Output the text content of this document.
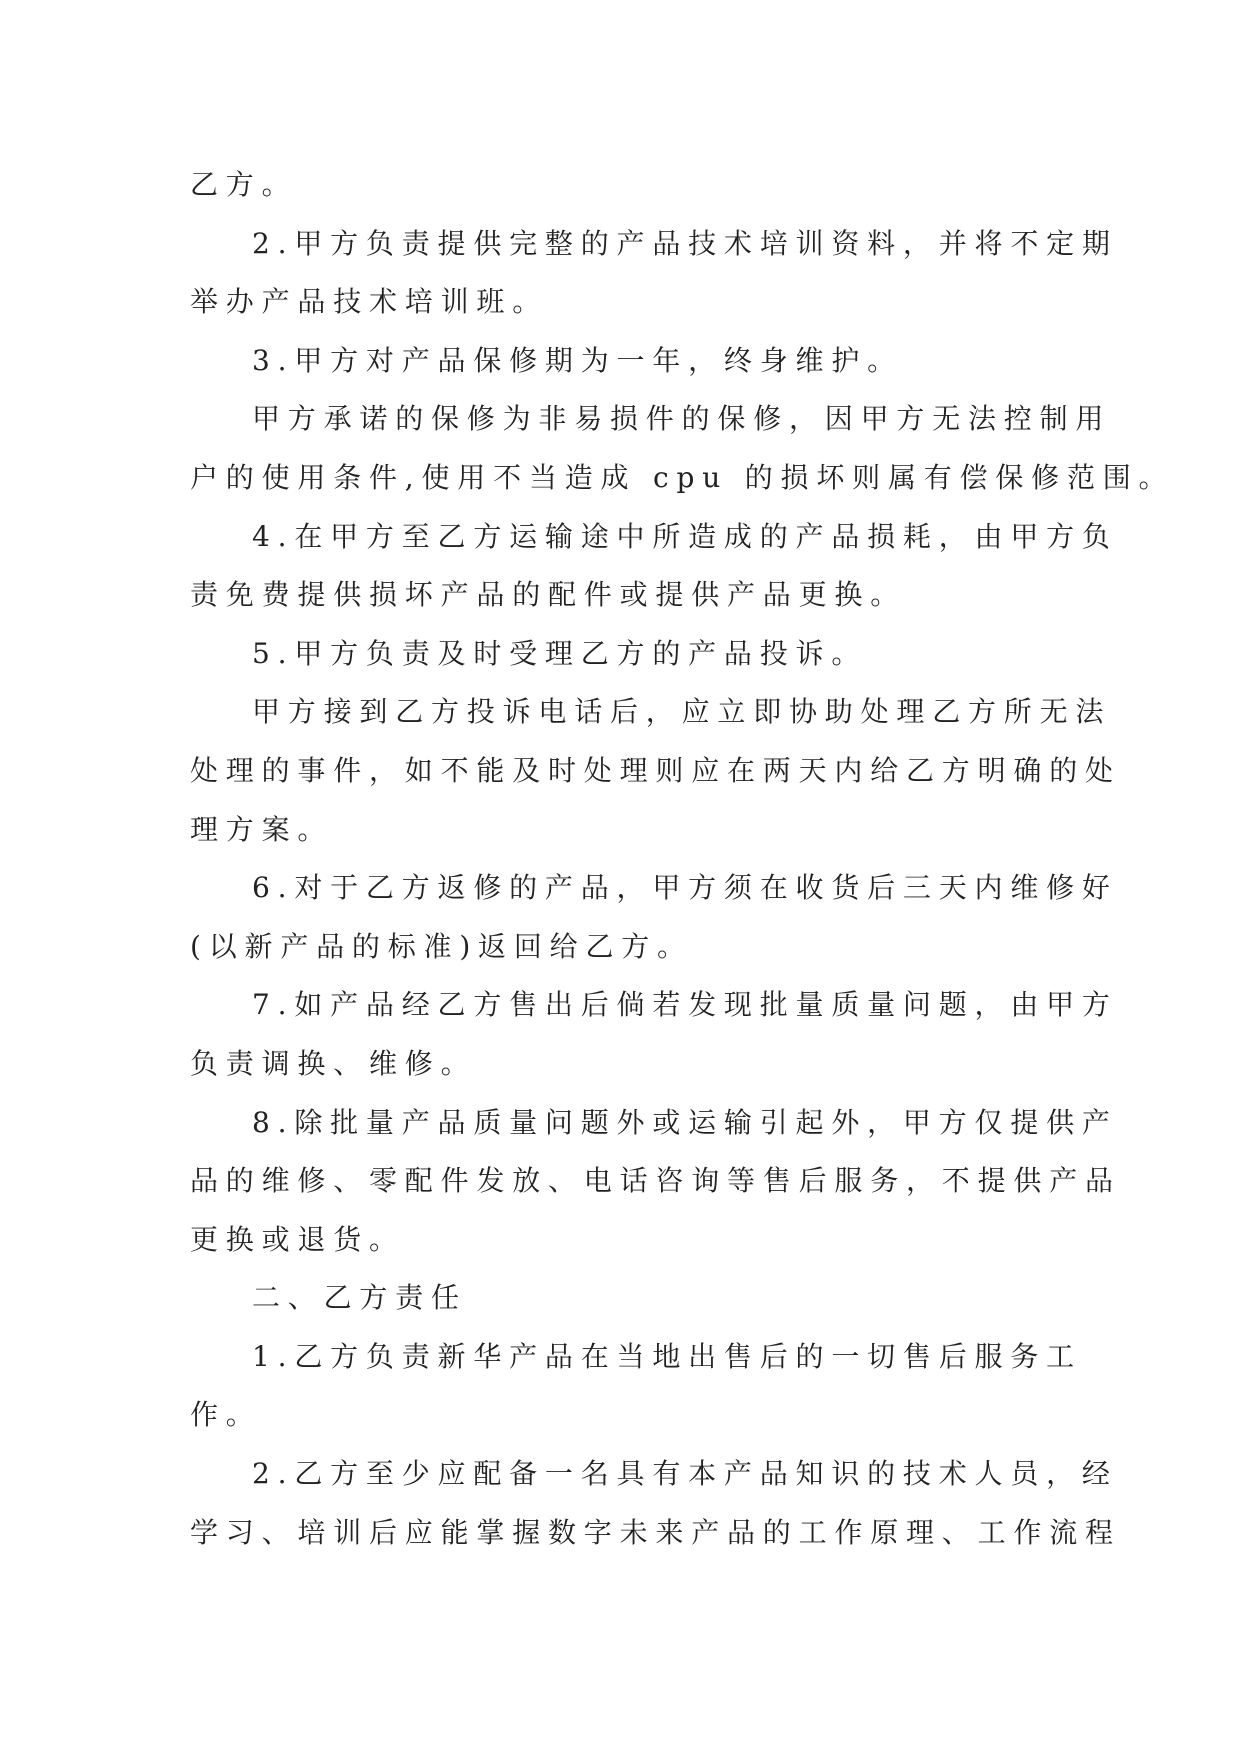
乙方。
2.甲方负责提供完整的产品技术培训资料，并将不定期
举办产品技术培训班。
3.甲方对产品保修期为一年，终身维护。
甲方承诺的保修为非易损件的保修，因甲方无法控制用
户的使用条件,使用不当造成 cpu 的损坏则属有偿保修范围。
4.在甲方至乙方运输途中所造成的产品损耗，由甲方负
责免费提供损坏产品的配件或提供产品更换。
5.甲方负责及时受理乙方的产品投诉。
甲方接到乙方投诉电话后，应立即协助处理乙方所无法
处理的事件，如不能及时处理则应在两天内给乙方明确的处
理方案。
6.对于乙方返修的产品，甲方须在收货后三天内维修好
(以新产品的标准)返回给乙方。
7.如产品经乙方售出后倘若发现批量质量问题，由甲方
负责调换、维修。
8.除批量产品质量问题外或运输引起外，甲方仅提供产
品的维修、零配件发放、电话咨询等售后服务，不提供产品
更换或退货。
二、乙方责任
1.乙方负责新华产品在当地出售后的一切售后服务工
作。
2.乙方至少应配备一名具有本产品知识的技术人员，经
学习、培训后应能掌握数字未来产品的工作原理、工作流程
